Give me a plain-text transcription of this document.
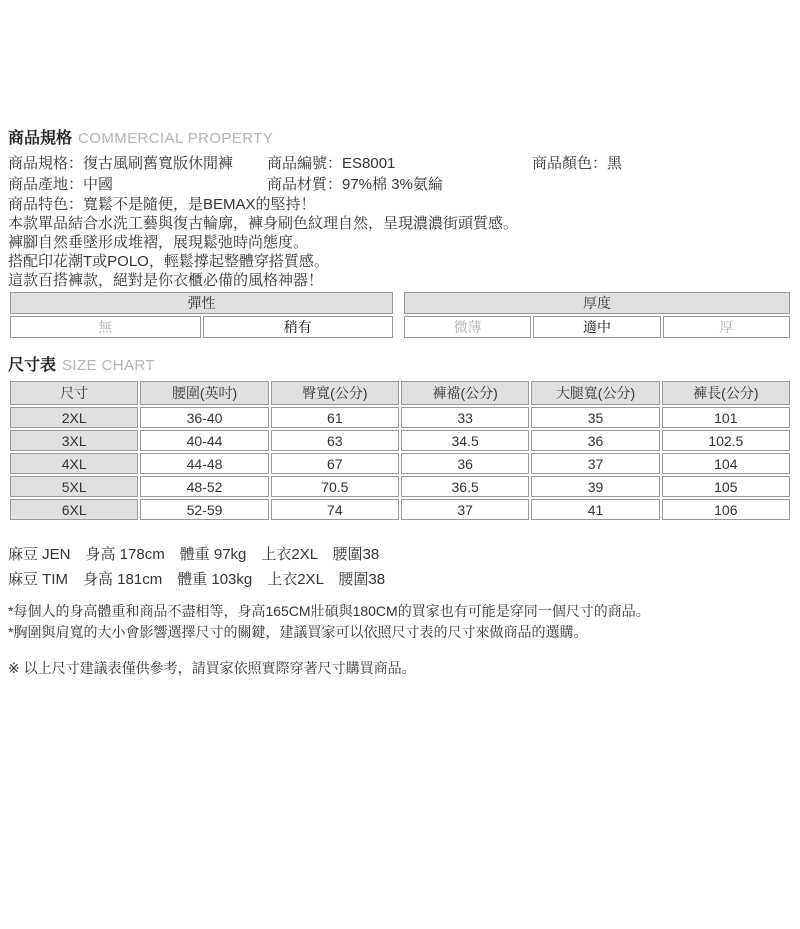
商品規格 COMMERCIAL PROPERTY
商品規格：復古風刷舊寬版休閒褲	商品編號：ES8001	商品顏色：黑
商品產地：中國	商品材質：97%棉 3%氨綸
商品特色：寬鬆不是隨便，是BEMAX的堅持！
本款單品結合水洗工藝與復古輪廓，褲身刷色紋理自然，呈現濃濃街頭質感。
褲腳自然垂墜形成堆褶，展現鬆弛時尚態度。
搭配印花潮T或POLO，輕鬆撐起整體穿搭質感。
這款百搭褲款，絕對是你衣櫃必備的風格神器！
彈性
無	稍有
厚度
微薄	適中	厚
尺寸表 SIZE CHART
尺寸	腰圍(英吋)	臀寬(公分)	褲襠(公分)	大腿寬(公分)	褲長(公分)
2XL	36-40	61	33	35	101
3XL	40-44	63	34.5	36	102.5
4XL	44-48	67	36	37	104
5XL	48-52	70.5	36.5	39	105
6XL	52-59	74	37	41	106
麻豆 JEN　身高 178cm　體重 97kg　上衣2XL　腰圍38
麻豆 TIM　身高 181cm　體重 103kg　上衣2XL　腰圍38
*每個人的身高體重和商品不盡相等，身高165CM壯碩與180CM的買家也有可能是穿同一個尺寸的商品。
*胸圍與肩寬的大小會影響選擇尺寸的關鍵，建議買家可以依照尺寸表的尺寸來做商品的選購。
※ 以上尺寸建議表僅供參考，請買家依照實際穿著尺寸購買商品。
